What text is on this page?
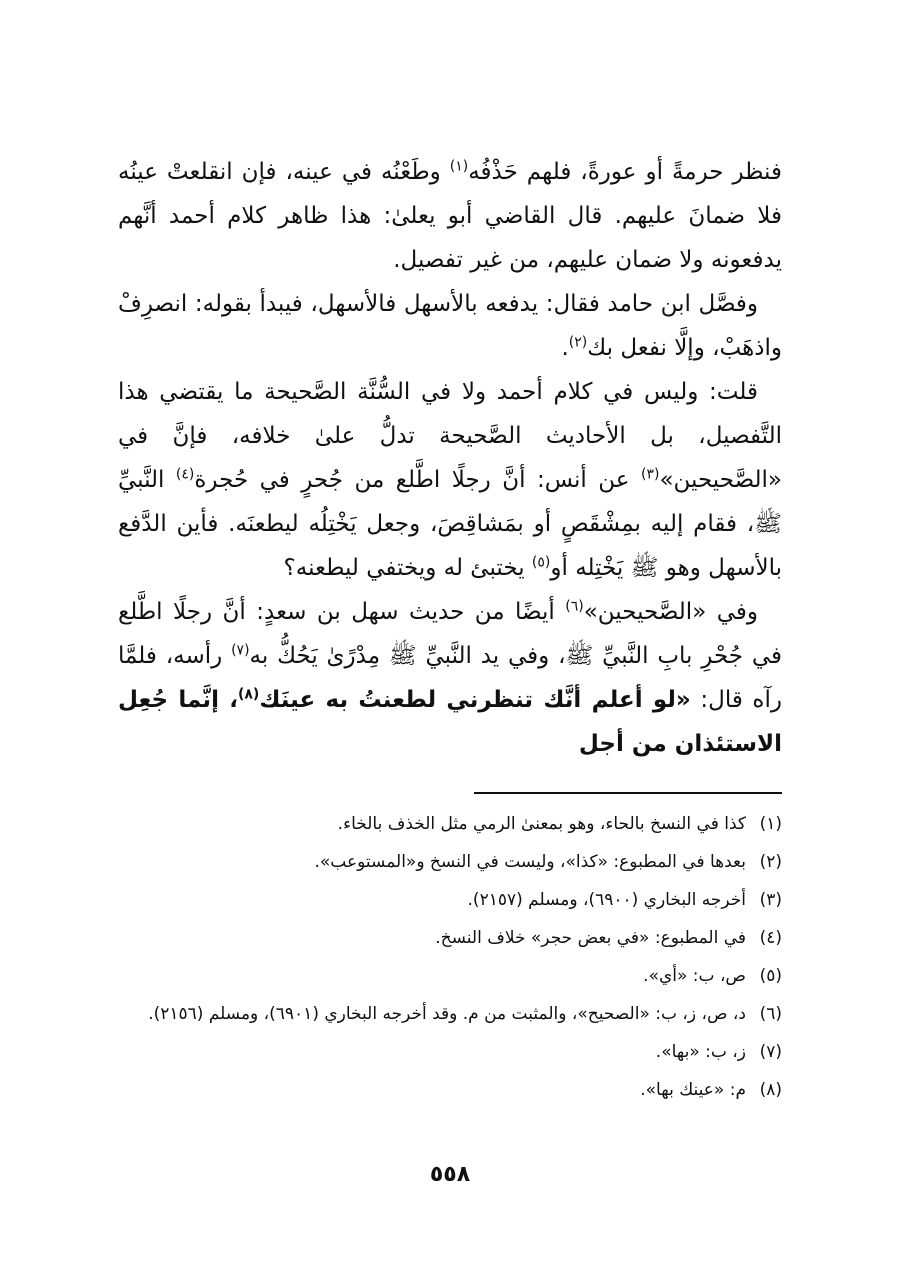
فنظر حرمةً أو عورةً، فلهم حَذْفُه$^{(١)}$ وطَعْنُه في عينه، فإن انقلعتْ عينُه فلا ضمانَ عليهم. قال القاضي أبو يعلىٰ: هذا ظاهر كلام أحمد أنَّهم يدفعونه ولا ضمان عليهم، من غير تفصيل.

وفصَّل ابن حامد فقال: يدفعه بالأسهل فالأسهل، فيبدأ بقوله: انصرِفْ واذهَبْ، وإلَّا نفعل بك$^{(٢)}$.

قلت: وليس في كلام أحمد ولا في السُّنَّة الصَّحيحة ما يقتضي هذا التَّفصيل، بل الأحاديث الصَّحيحة تدلُّ علىٰ خلافه، فإنَّ في «الصَّحيحين»$^{(٣)}$ عن أنس: أنَّ رجلًا اطَّلع من جُحرٍ في حُجرة$^{(٤)}$ النَّبيِّ ﷺ، فقام إليه بمِشْقَصٍ أو بمَشاقِصَ، وجعل يَخْتِلُه ليطعنَه. فأين الدَّفع بالأسهل وهو ﷺ يَخْتِله أو$^{(٥)}$ يختبئ له ويختفي ليطعنه؟

وفي «الصَّحيحين»$^{(٦)}$ أيضًا من حديث سهل بن سعدٍ: أنَّ رجلًا اطَّلع في جُحْرِ بابِ النَّبيِّ ﷺ، وفي يد النَّبيِّ ﷺ مِدْرًىٰ يَحُكُّ به$^{(٧)}$ رأسه، فلمَّا رآه قال: «لو أعلم أنَّك تنظرني لطعنتُ به عينَك$^{(٨)}$، إنَّما جُعِل الاستئذان من أجل

(١)
كذا في النسخ بالحاء، وهو بمعنىٰ الرمي مثل الخذف بالخاء.
(٢)
بعدها في المطبوع: «كذا»، وليست في النسخ و«المستوعب».
(٣)
أخرجه البخاري (٦٩٠٠)، ومسلم (٢١٥٧).
(٤)
في المطبوع: «في بعض حجر» خلاف النسخ.
(٥)
ص، ب: «أي».
(٦)
د، ص، ز، ب: «الصحيح»، والمثبت من م. وقد أخرجه البخاري (٦٩٠١)، ومسلم (٢١٥٦).
(٧)
ز، ب: «بها».
(٨)
م: «عينك بها».
٥٥٨
